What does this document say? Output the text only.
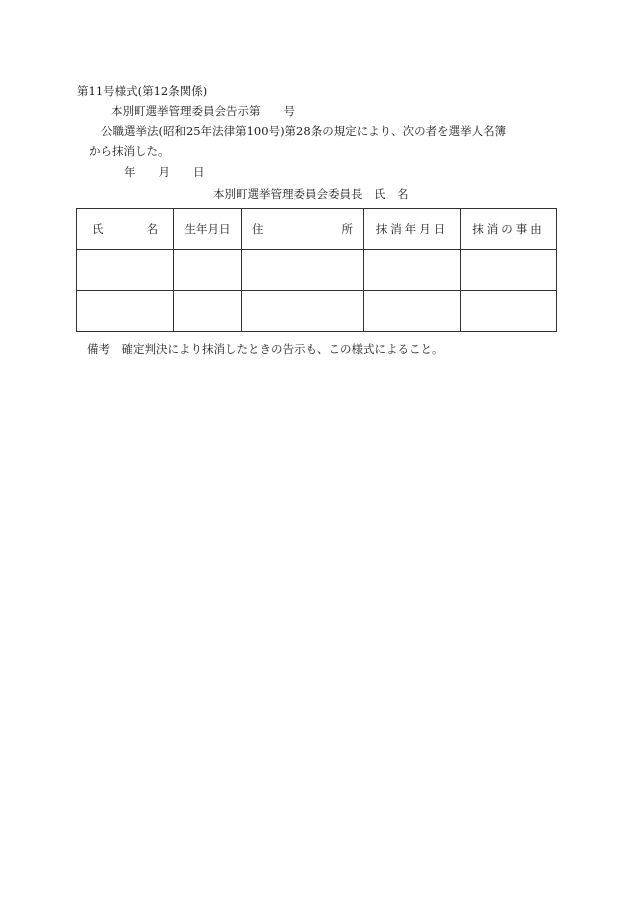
第11号様式(第12条関係)
本別町選挙管理委員会告示第　　号
公職選挙法(昭和25年法律第100号)第28条の規定により、次の者を選挙人名簿
から抹消した。
年　　月　　日
本別町選挙管理委員会委員長　氏　名
氏 名	生年月日	住 所	抹消年月日	抹消の事由

備考　確定判決により抹消したときの告示も、この様式によること。
